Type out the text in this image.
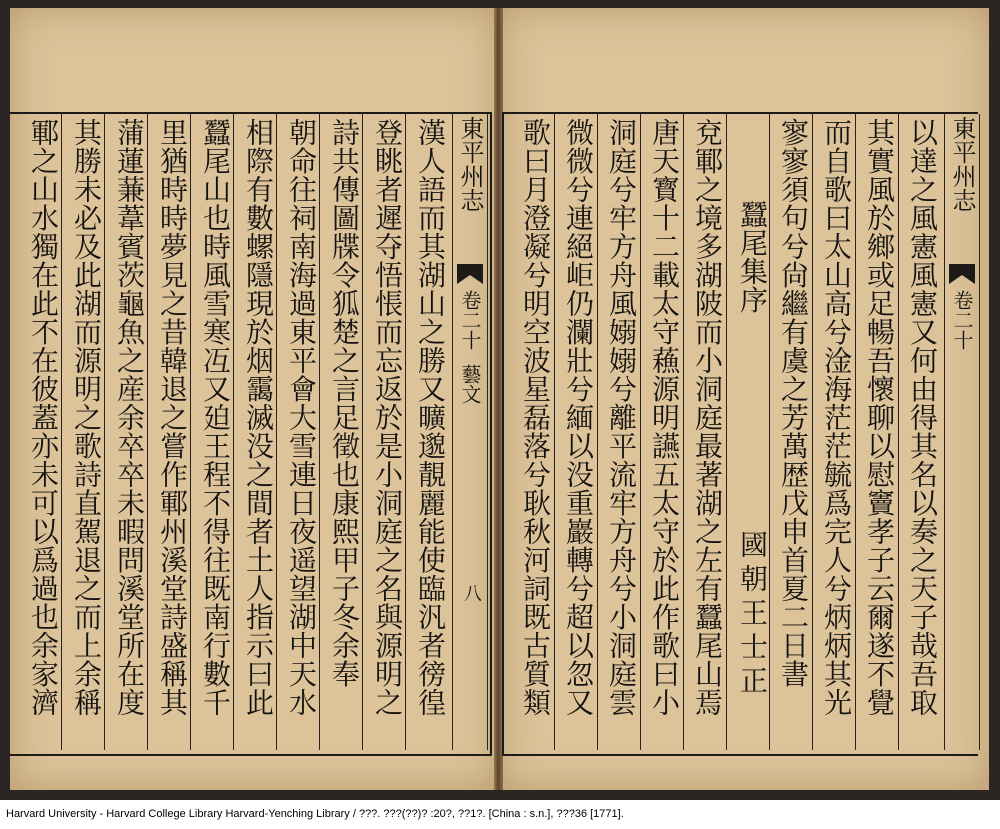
東平州志
卷二十
藝文
八
漢人語而其湖山之勝又曠邈靚麗能使臨汎者徬徨
登眺者遲夺悟悵而忘返於是小洞庭之名與源明之
詩共傳圖牒令狐楚之言足徵也康熙甲子冬余奉
朝命往祠南海過東平會大雪連日夜遥望湖中天水
相際有數螺隱現於烟靄滅没之間者土人指示曰此
蠶尾山也時風雪寒冱又廹王程不得往既南行數千
里猶時時夢見之昔韓退之嘗作鄆州溪堂詩盛稱其
蒲蓮蒹葦賓茨龜魚之産余卒卒未暇問溪堂所在度
其勝未必及此湖而源明之歌詩直駕退之而上余稱
鄆之山水獨在此不在彼蓋亦未可以爲過也余家濟	東平州志
卷二十
以達之風憲風憲又何由得其名以奏之天子哉吾取
其實風於鄉或足暢吾懷聊以慰竇孝子云爾遂不覺
而自歌曰太山高兮淦海茫茫毓爲完人兮炳炳其光
寥寥須句兮尙繼有虞之芳萬歴戊申首夏二日書
蠶尾集序
國朝王士正
兗鄆之境多湖陂而小洞庭最著湖之左有蠶尾山焉
唐天寳十二載太守蘓源明讌五太守於此作歌曰小
洞庭兮牢方舟風嫋嫋兮離平流牢方舟兮小洞庭雲
微微兮連絕岠仍瀾壯兮緬以没重巖轉兮超以忽又
歌曰月澄凝兮明空波星磊落兮耿秋河詞既古質類
Harvard University - Harvard College Library Harvard-Yenching Library / ???. ???(??)? :20?, ??1?. [China : s.n.], ???36 [1771].
